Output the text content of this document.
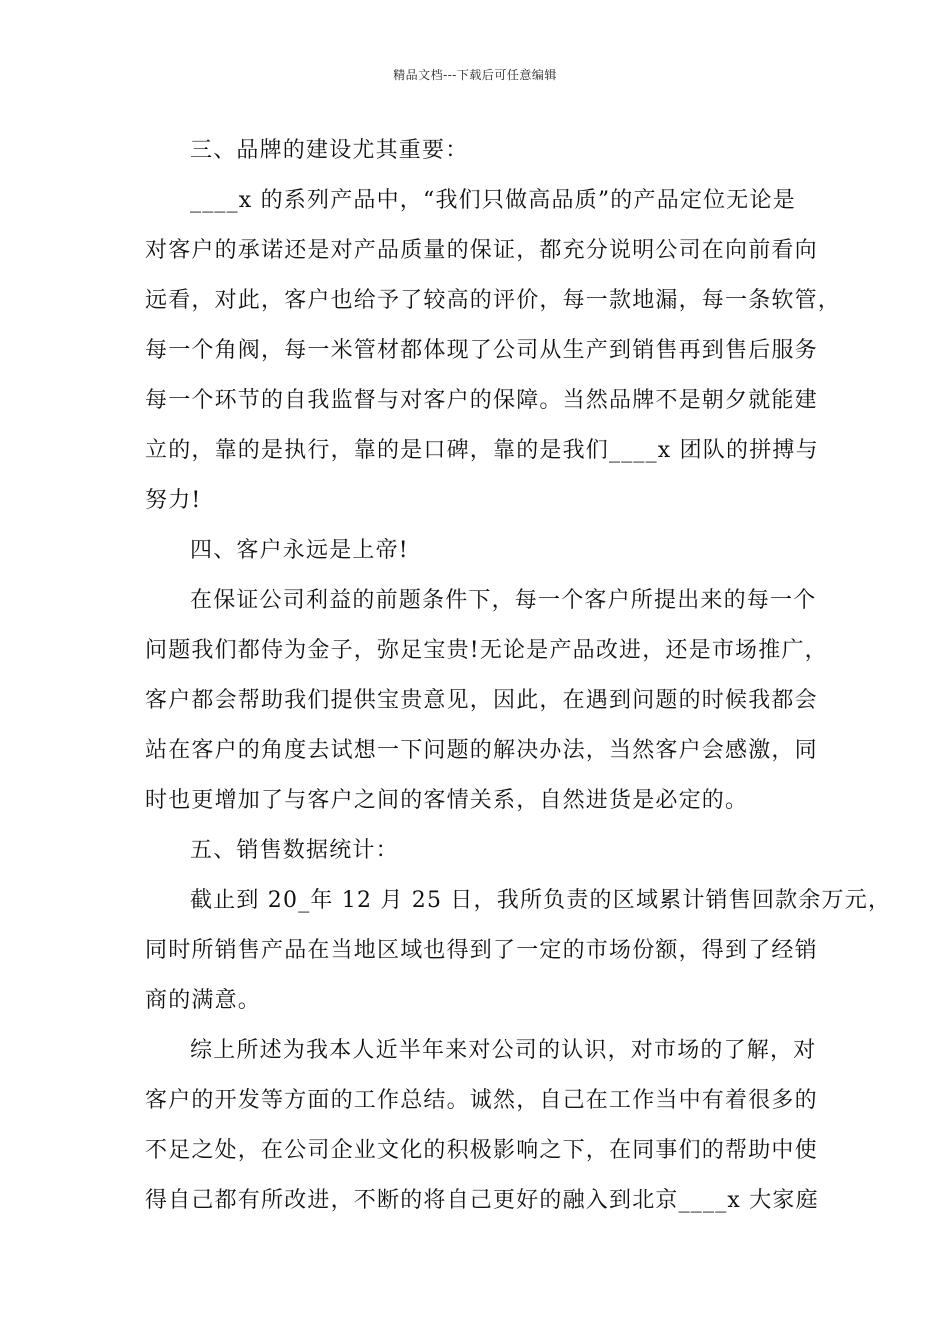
精品文档---下载后可任意编辑
三、品牌的建设尤其重要：
____x 的系列产品中，“我们只做高品质”的产品定位无论是
对客户的承诺还是对产品质量的保证，都充分说明公司在向前看向
远看，对此，客户也给予了较高的评价，每一款地漏，每一条软管，
每一个角阀，每一米管材都体现了公司从生产到销售再到售后服务
每一个环节的自我监督与对客户的保障。当然品牌不是朝夕就能建
立的，靠的是执行，靠的是口碑，靠的是我们____x 团队的拼搏与
努力!
四、客户永远是上帝!
在保证公司利益的前题条件下，每一个客户所提出来的每一个
问题我们都侍为金子，弥足宝贵!无论是产品改进，还是市场推广，
客户都会帮助我们提供宝贵意见，因此，在遇到问题的时候我都会
站在客户的角度去试想一下问题的解决办法，当然客户会感激，同
时也更增加了与客户之间的客情关系，自然进货是必定的。
五、销售数据统计：
截止到 20_年 12 月 25 日，我所负责的区域累计销售回款余万元，
同时所销售产品在当地区域也得到了一定的市场份额，得到了经销
商的满意。
综上所述为我本人近半年来对公司的认识，对市场的了解，对
客户的开发等方面的工作总结。诚然，自己在工作当中有着很多的
不足之处，在公司企业文化的积极影响之下，在同事们的帮助中使
得自己都有所改进，不断的将自己更好的融入到北京____x 大家庭
